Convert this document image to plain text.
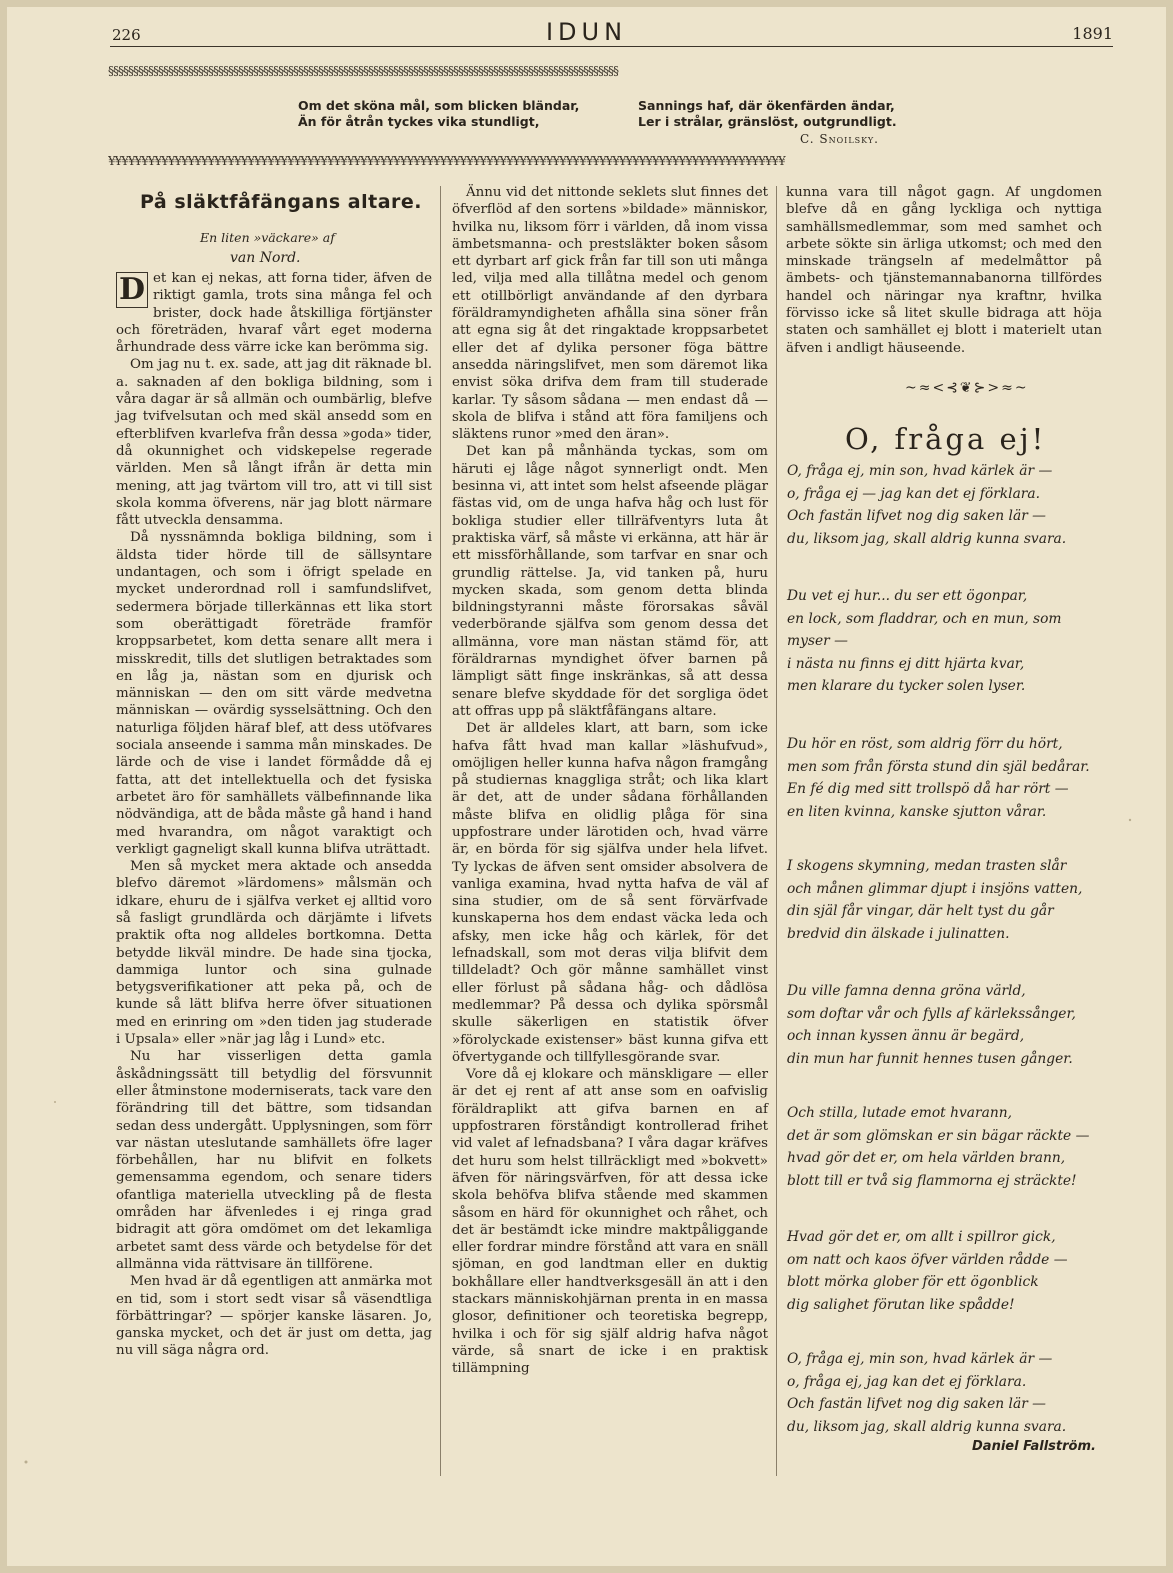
226	IDUN	1891
§§§§§§§§§§§§§§§§§§§§§§§§§§§§§§§§§§§§§§§§§§§§§§§§§§§§§§§§§§§§§§§§§§§§§§§§§§§§§§§§§§§§§§§§§§§§§§§§§§§§§§

Om det sköna mål, som blicken bländar,

Än för åtrån tyckes vika stundligt,

Sannings haf, där ökenfärden ändar,

Ler i strålar, gränslöst, outgrundligt.

C. Snoilsky.
¥¥¥¥¥¥¥¥¥¥¥¥¥¥¥¥¥¥¥¥¥¥¥¥¥¥¥¥¥¥¥¥¥¥¥¥¥¥¥¥¥¥¥¥¥¥¥¥¥¥¥¥¥¥¥¥¥¥¥¥¥¥¥¥¥¥¥¥¥¥¥¥¥¥¥¥¥¥¥¥¥¥¥¥¥¥¥¥¥¥¥¥¥¥¥¥¥¥¥¥¥¥
På släktfåfängans altare.
En liten »väckare» af
van Nord.

D et kan ej nekas, att forna tider, äfven de riktigt gamla, trots sina många fel och brister, dock hade åtskilliga förtjänster och företräden, hvaraf vårt eget moderna århundrade dess värre icke kan berömma sig.

Om jag nu t. ex. sade, att jag dit räknade bl. a. saknaden af den bokliga bildning, som i våra dagar är så allmän och oumbärlig, blefve jag tvifvelsutan och med skäl ansedd som en efterblifven kvarlefva från dessa »goda» tider, då okunnighet och vidskepelse regerade världen. Men så långt ifrån är detta min mening, att jag tvärtom vill tro, att vi till sist skola komma öfverens, när jag blott närmare fått utveckla densamma.

Då nyssnämnda bokliga bildning, som i äldsta tider hörde till de sällsyntare undantagen, och som i öfrigt spelade en mycket underordnad roll i samfundslifvet, sedermera började tillerkännas ett lika stort som oberättigadt företräde framför kroppsarbetet, kom detta senare allt mera i misskredit, tills det slutligen betraktades som en låg ja, nästan som en djurisk och människan — den om sitt värde medvetna människan — ovärdig sysselsättning. Och den naturliga följden häraf blef, att dess utöfvares sociala anseende i samma mån minskades. De lärde och de vise i landet förmådde då ej fatta, att det intellektuella och det fysiska arbetet äro för samhällets välbefinnande lika nödvändiga, att de båda måste gå hand i hand med hvarandra, om något varaktigt och verkligt gagneligt skall kunna blifva uträttadt.

Men så mycket mera aktade och ansedda blefvo däremot »lärdomens» målsmän och idkare, ehuru de i själfva verket ej alltid voro så fasligt grundlärda och därjämte i lifvets praktik ofta nog alldeles bortkomna. Detta betydde likväl mindre. De hade sina tjocka, dammiga luntor och sina gulnade betygsverifikationer att peka på, och de kunde så lätt blifva herre öfver situationen med en erinring om »den tiden jag studerade i Upsala» eller »när jag låg i Lund» etc.

Nu har visserligen detta gamla åskådningssätt till betydlig del försvunnit eller åtminstone moderniserats, tack vare den förändring till det bättre, som tidsandan sedan dess undergått. Upplysningen, som förr var nästan uteslutande samhällets öfre lager förbehållen, har nu blifvit en folkets gemensamma egendom, och senare tiders ofantliga materiella utveckling på de flesta områden har äfvenledes i ej ringa grad bidragit att göra omdömet om det lekamliga arbetet samt dess värde och betydelse för det allmänna vida rättvisare än tillförene.

Men hvad är då egentligen att anmärka mot en tid, som i stort sedt visar så väsendtliga förbättringar? — spörjer kanske läsaren. Jo, ganska mycket, och det är just om detta, jag nu vill säga några ord.

Ännu vid det nittonde seklets slut finnes det öfverflöd af den sortens »bildade» människor, hvilka nu, liksom förr i världen, då inom vissa ämbetsmanna- och prestsläkter boken såsom ett dyrbart arf gick från far till son uti många led, vilja med alla tillåtna medel och genom ett otillbörligt användande af den dyrbara föräldramyndigheten afhålla sina söner från att egna sig åt det ringaktade kroppsarbetet eller det af dylika personer föga bättre ansedda näringslifvet, men som däremot lika envist söka drifva dem fram till studerade karlar. Ty såsom sådana — men endast då — skola de blifva i stånd att föra familjens och släktens runor »med den äran».

Det kan på månhända tyckas, som om häruti ej låge något synnerligt ondt. Men besinna vi, att intet som helst afseende plägar fästas vid, om de unga hafva håg och lust för bokliga studier eller tillräfventyrs luta åt praktiska värf, så måste vi erkänna, att här är ett missförhållande, som tarfvar en snar och grundlig rättelse. Ja, vid tanken på, huru mycken skada, som genom detta blinda bildningstyranni måste förorsakas såväl vederbörande själfva som genom dessa det allmänna, vore man nästan stämd för, att föräldrarnas myndighet öfver barnen på lämpligt sätt finge inskränkas, så att dessa senare blefve skyddade för det sorgliga ödet att offras upp på släktfåfängans altare.

Det är alldeles klart, att barn, som icke hafva fått hvad man kallar »läshufvud», omöjligen heller kunna hafva någon framgång på studiernas knaggliga stråt; och lika klart är det, att de under sådana förhållanden måste blifva en olidlig plåga för sina uppfostrare under lärotiden och, hvad värre är, en börda för sig själfva under hela lifvet. Ty lyckas de äfven sent omsider absolvera de vanliga examina, hvad nytta hafva de väl af sina studier, om de så sent förvärfvade kunskaperna hos dem endast väcka leda och afsky, men icke håg och kärlek, för det lefnadskall, som mot deras vilja blifvit dem tilldeladt? Och gör månne samhället vinst eller förlust på sådana håg- och dådlösa medlemmar? På dessa och dylika spörsmål skulle säkerligen en statistik öfver »förolyckade existenser» bäst kunna gifva ett öfvertygande och tillfyllesgörande svar.

Vore då ej klokare och mänskligare — eller är det ej rent af att anse som en oafvislig föräldraplikt att gifva barnen en af uppfostraren förståndigt kontrollerad frihet vid valet af lefnadsbana? I våra dagar kräfves det huru som helst tillräckligt med »bokvett» äfven för näringsvärfven, för att dessa icke skola behöfva blifva stående med skammen såsom en härd för okunnighet och råhet, och det är bestämdt icke mindre maktpåliggande eller fordrar mindre förstånd att vara en snäll sjöman, en god landtman eller en duktig bokhållare eller handtverksgesäll än att i den stackars människohjärnan prenta in en massa glosor, definitioner och teoretiska begrepp, hvilka i och för sig själf aldrig hafva något värde, så snart de icke i en praktisk tillämpning

kunna vara till något gagn. Af ungdomen blefve då en gång lyckliga och nyttiga samhällsmedlemmar, som med samhet och arbete sökte sin ärliga utkomst; och med den minskade trängseln af medelmåttor på ämbets- och tjänstemannabanorna tillfördes handel och näringar nya kraftnr, hvilka förvisso icke så litet skulle bidraga att höja staten och samhället ej blott i materielt utan äfven i andligt häuseende.

~≈<⊰❦⊱>≈~
O, fråga ej!

O, fråga ej, min son, hvad kärlek är —

o, fråga ej — jag kan det ej förklara.

Och fastän lifvet nog dig saken lär —

du, liksom jag, skall aldrig kunna svara.

Du vet ej hur... du ser ett ögonpar,

en lock, som fladdrar, och en mun, som myser —

i nästa nu finns ej ditt hjärta kvar,

men klarare du tycker solen lyser.

Du hör en röst, som aldrig förr du hört,

men som från första stund din själ bedårar.

En fé dig med sitt trollspö då har rört —

en liten kvinna, kanske sjutton vårar.

I skogens skymning, medan trasten slår

och månen glimmar djupt i insjöns vatten,

din själ får vingar, där helt tyst du går

bredvid din älskade i julinatten.

Du ville famna denna gröna värld,

som doftar vår och fylls af kärlekssånger,

och innan kyssen ännu är begärd,

din mun har funnit hennes tusen gånger.

Och stilla, lutade emot hvarann,

det är som glömskan er sin bägar räckte —

hvad gör det er, om hela världen brann,

blott till er två sig flammorna ej sträckte!

Hvad gör det er, om allt i spillror gick,

om natt och kaos öfver världen rådde —

blott mörka glober för ett ögonblick

dig salighet förutan like spådde!

O, fråga ej, min son, hvad kärlek är —

o, fråga ej, jag kan det ej förklara.

Och fastän lifvet nog dig saken lär —

du, liksom jag, skall aldrig kunna svara.

Daniel Fallström.
